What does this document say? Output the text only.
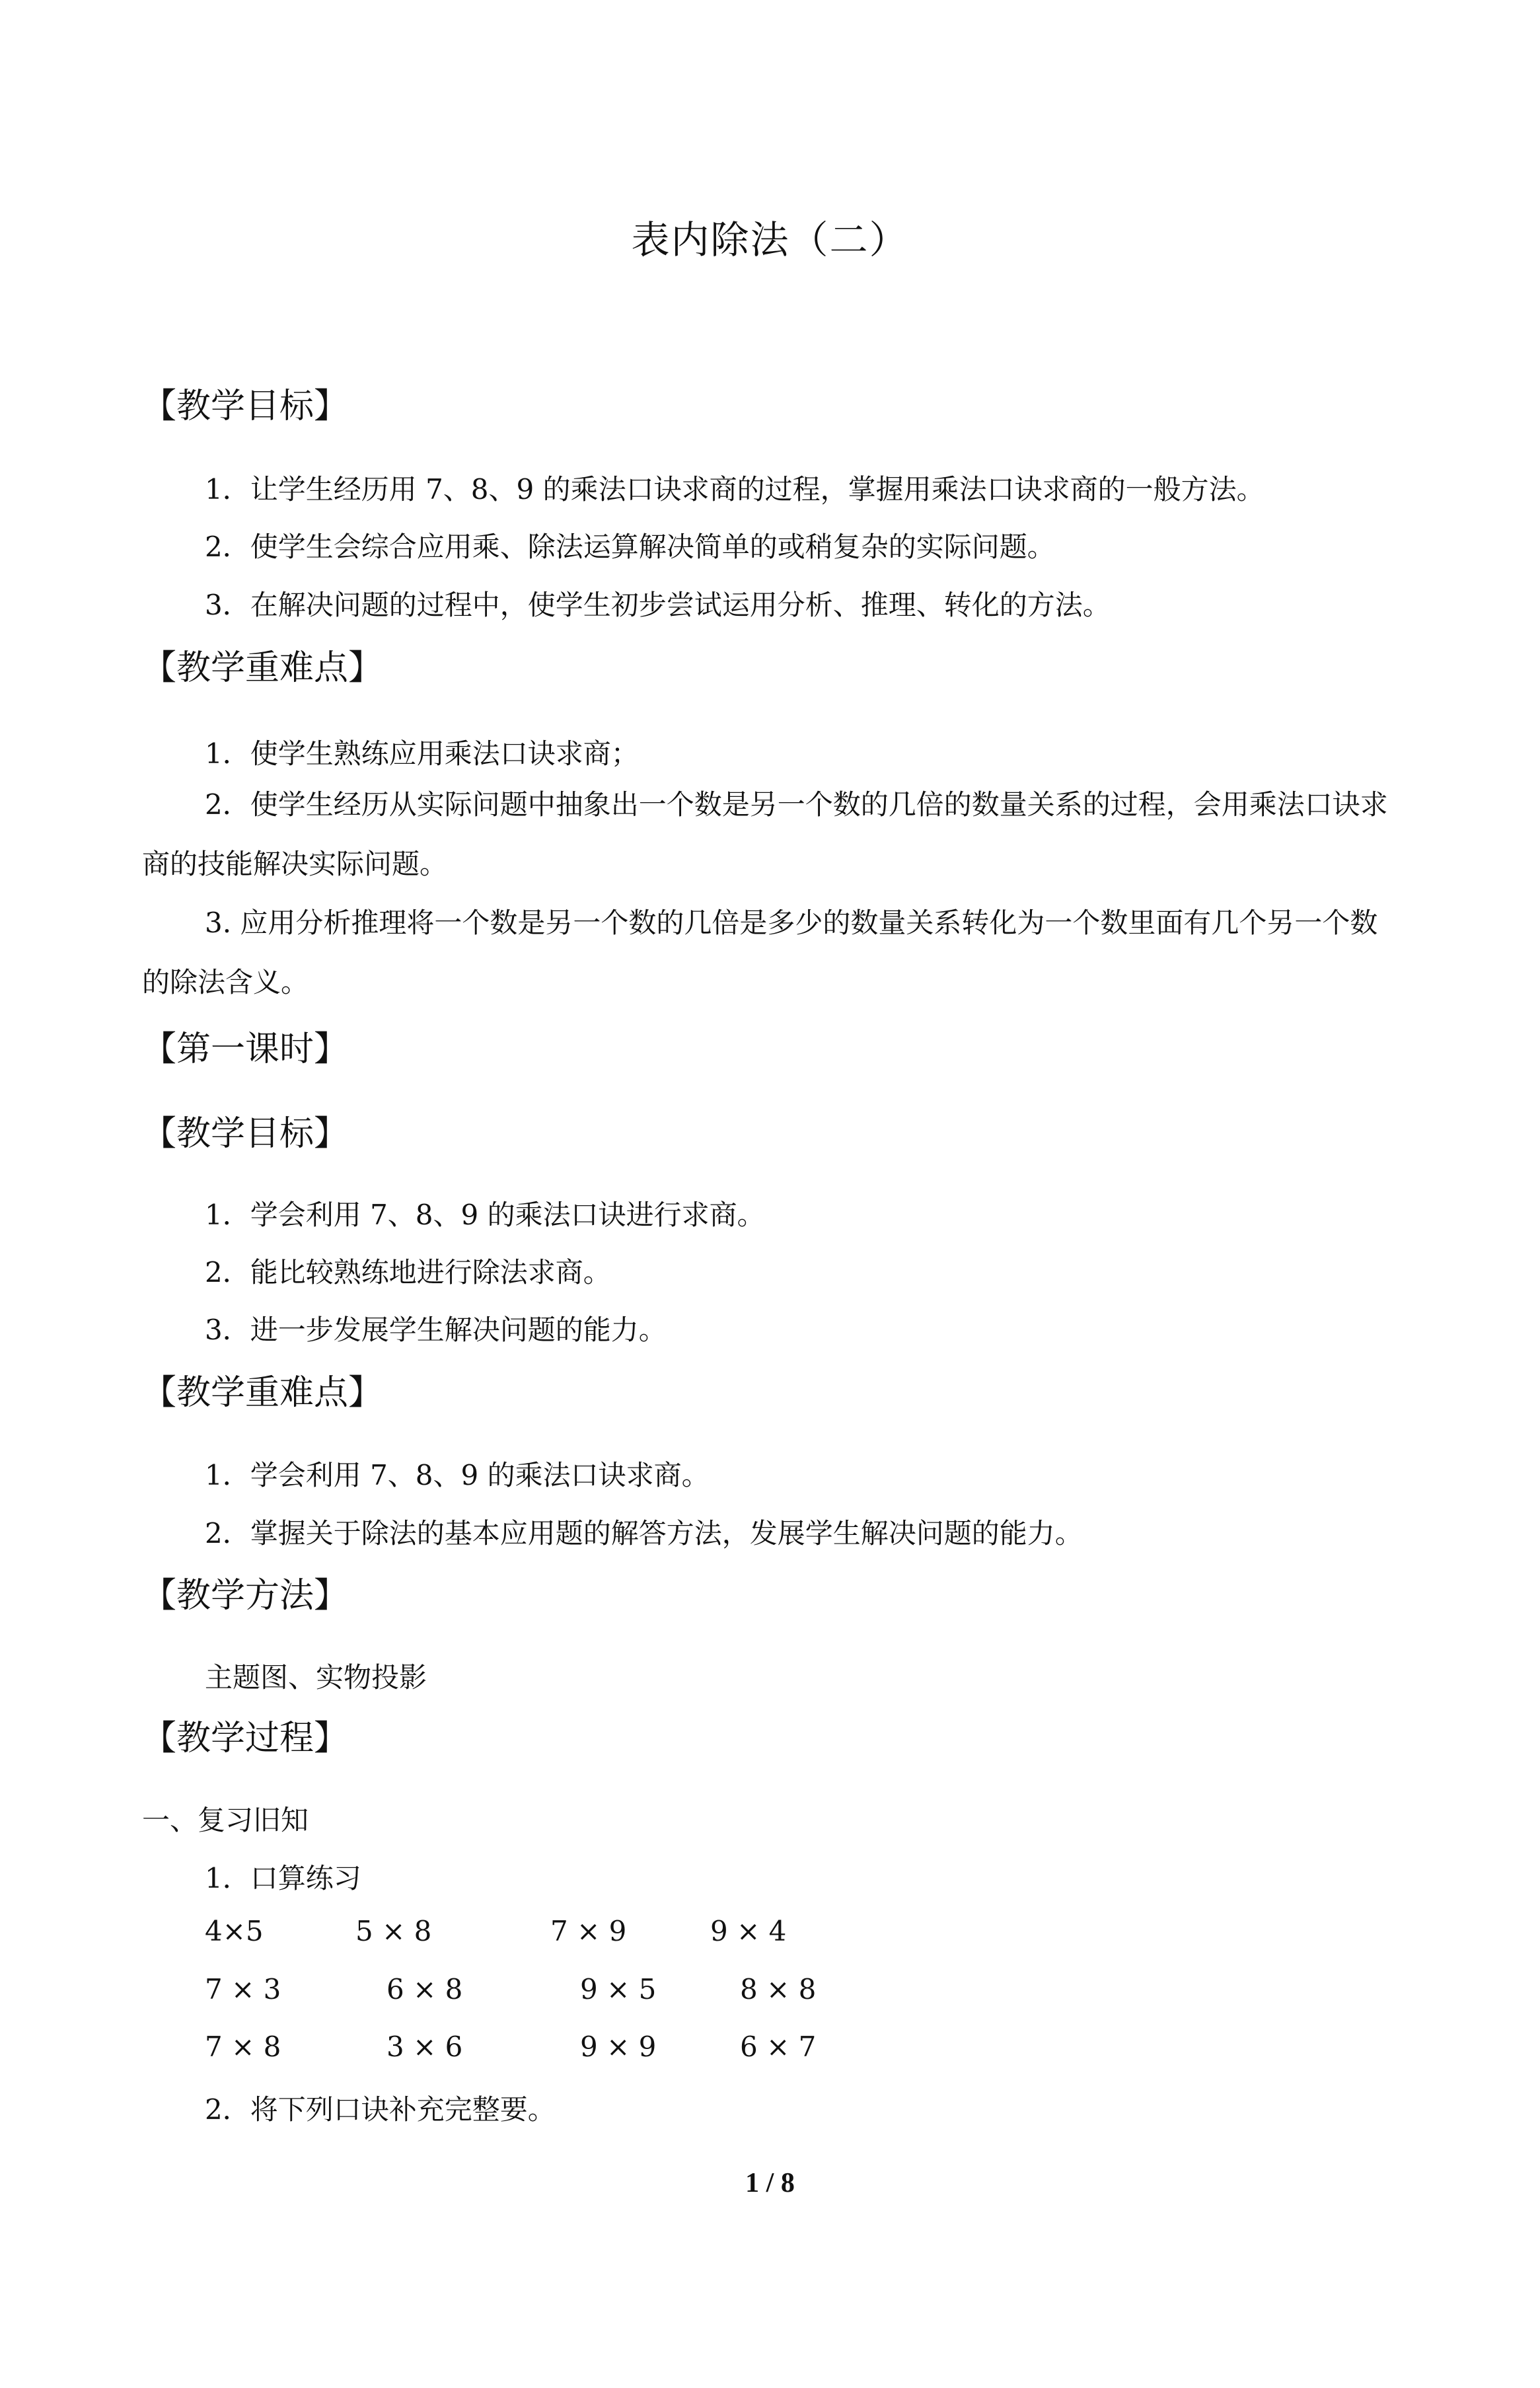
表内除法（二）
【教学目标】
1．让学生经历用 7、8、9 的乘法口诀求商的过程，掌握用乘法口诀求商的一般方法。
2．使学生会综合应用乘、除法运算解决简单的或稍复杂的实际问题。
3．在解决问题的过程中，使学生初步尝试运用分析、推理、转化的方法。
【教学重难点】
1．使学生熟练应用乘法口诀求商；
2．使学生经历从实际问题中抽象出一个数是另一个数的几倍的数量关系的过程，会用乘法口诀求商的技能解决实际问题。
3. 应用分析推理将一个数是另一个数的几倍是多少的数量关系转化为一个数里面有几个另一个数的除法含义。
【第一课时】
【教学目标】
1．学会利用 7、8、9 的乘法口诀进行求商。
2．能比较熟练地进行除法求商。
3．进一步发展学生解决问题的能力。
【教学重难点】
1．学会利用 7、8、9 的乘法口诀求商。
2．掌握关于除法的基本应用题的解答方法，发展学生解决问题的能力。
【教学方法】
主题图、实物投影
【教学过程】
一、复习旧知
1．口算练习
4×5	5 × 8	7 × 9	9 × 4
7 × 3	6 × 8	9 × 5	8 × 8
7 × 8	3 × 6	9 × 9	6 × 7
2．将下列口诀补充完整要。
1 / 8
